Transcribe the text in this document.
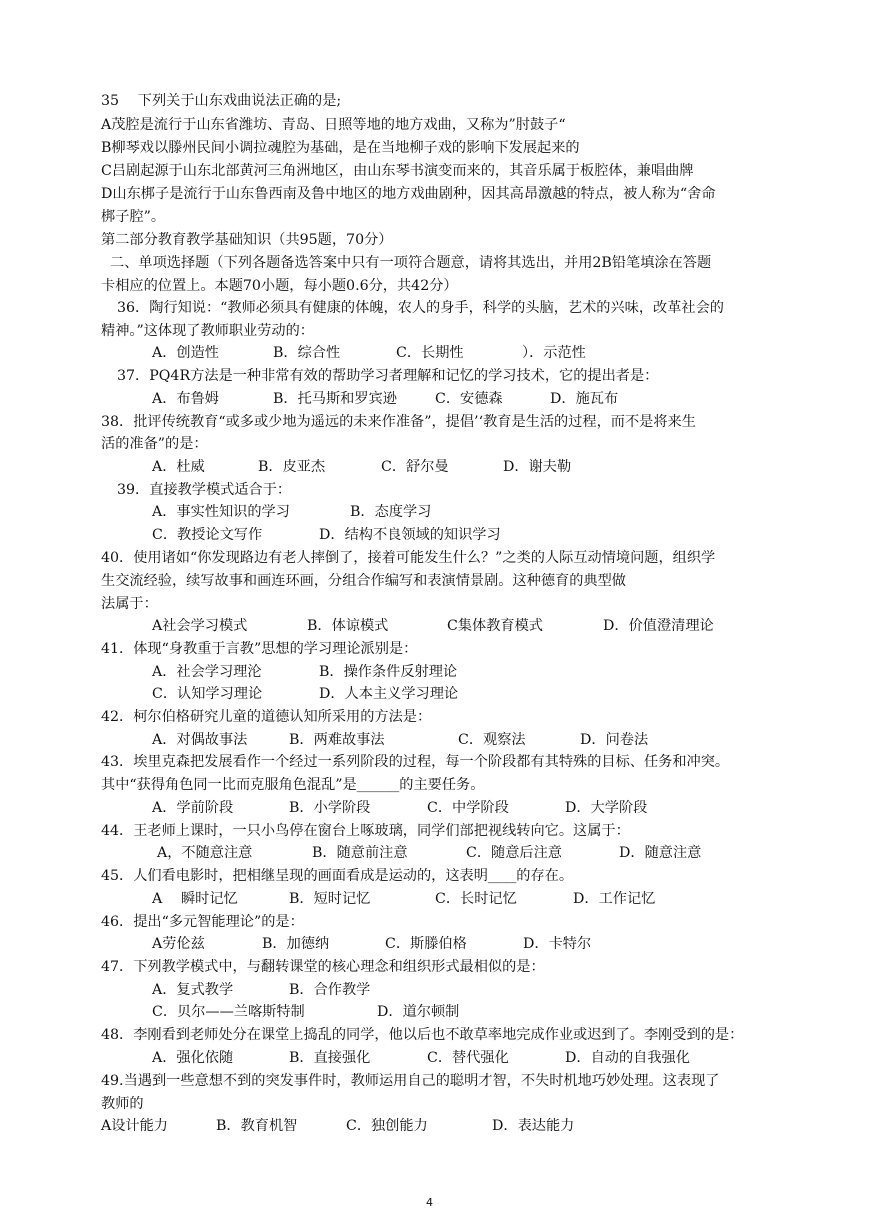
35　 下列关于山东戏曲说法正确的是;
A茂腔是流行于山东省潍坊、青岛、日照等地的地方戏曲，又称为”肘鼓子“
B柳琴戏以滕州民间小调拉魂腔为基础，是在当地柳子戏的影响下发展起来的
C吕剧起源于山东北部黄河三角洲地区，由山东琴书演变而来的，其音乐属于板腔体，兼唱曲牌
D山东梆子是流行于山东鲁西南及鲁中地区的地方戏曲剧种，因其高昂激越的特点，被人称为“舍命
梆子腔”。
第二部分教育教学基础知识（共95题，70分）
二、单项选择题（下列各题备选答案中只有一项符合题意，请将其选出，并用2B铅笔填涂在答题
卡相应的位置上。本题70小题，每小题0.6分，共42分）
36．陶行知说：“教师必须具有健康的体魄，农人的身手，科学的头脑，艺术的兴味，改革社会的
精神。”这体现了教师职业劳动的：
A．创造性	B．综合性	C．长期性	）．示范性
37．PQ4R方法是一种非常有效的帮助学习者理解和记忆的学习技术，它的提出者是：
A．布鲁姆	B．托马斯和罗宾逊	C．安德森	D．施瓦布
38．批评传统教育“或多或少地为遥远的未来作准备”，提倡’‘教育是生活的过程，而不是将来生
活的准备”的是：
A．杜威	B．皮亚杰	C．舒尔曼	D．谢夫勒
39．直接教学模式适合于：
A．事实性知识的学习	B．态度学习
C．教授论文写作	D．结构不良领域的知识学习
40．使用诸如“你发现路边有老人摔倒了，接着可能发生什么？”之类的人际互动情境问题，组织学
生交流经验，续写故事和画连环画，分组合作编写和表演情景剧。这种德育的典型做
法属于：
A社会学习模式	B．体谅模式	C集体教育模式	D．价值澄清理论
41．体现“身教重于言教”思想的学习理论派别是：
A．社会学习理沦	B．操作条件反射理论
C．认知学习理论	D．人本主义学习理论
42．柯尔伯格研究儿童的道德认知所采用的方法是：
A．对偶故事法	B．两难故事法	C．观察法	D．问卷法
43．埃里克森把发展看作一个经过一系列阶段的过程，每一个阶段都有其特殊的目标、任务和冲突。
其中“获得角色同一比而克服角色混乱”是______的主要任务。
A．学前阶段	B．小学阶段	C．中学阶段	D．大学阶段
44．王老师上课时，一只小鸟停在窗台上啄玻璃，同学们部把视线转向它。这属于：
A，不随意注意	B．随意前注意	C．随意后注意	D．随意注意
45．人们看电影时，把相继呈现的画面看成是运动的，这表明____的存在。
A　 瞬时记忆	B．短时记忆	C．长时记忆	D．工作记忆
46．提出“多元智能理论”的是：
A劳伦兹	B．加德纳	C．斯滕伯格	D．卡特尔
47．下列教学模式中，与翻转课堂的核心理念和组织形式最相似的是：
A．复式教学	B．合作教学
C．贝尔——兰喀斯特制	D．道尔顿制
48．李刚看到老师处分在课堂上捣乱的同学，他以后也不敢草率地完成作业或迟到了。李刚受到的是：
A．强化依随	B．直接强化	C．替代强化	D．自动的自我强化
49.当遇到一些意想不到的突发事件时，教师运用自己的聪明才智，不失时机地巧妙处理。这表现了
教师的
A设计能力	B．教育机智	C．独创能力	D．表达能力
4
